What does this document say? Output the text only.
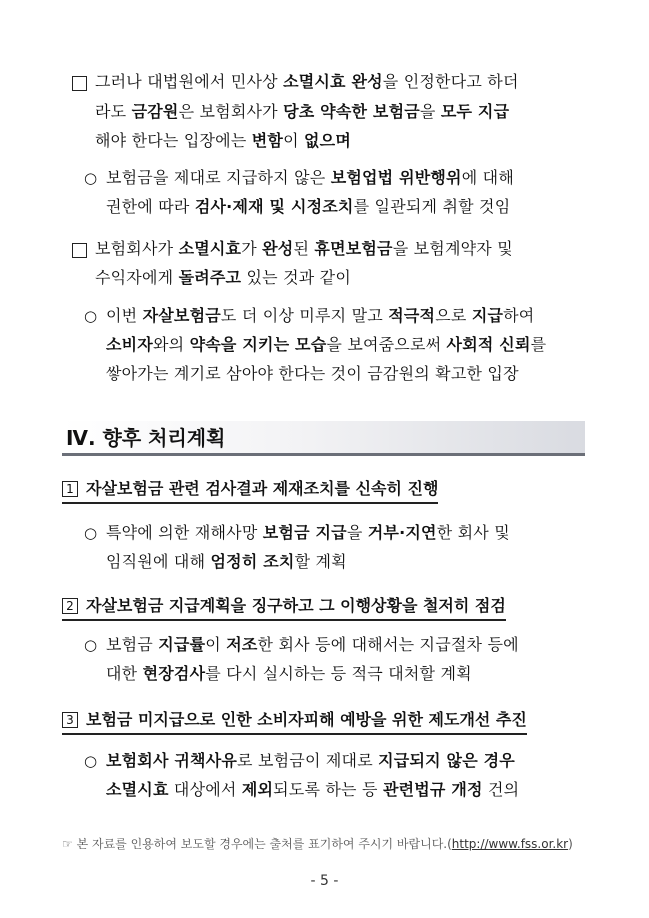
그러나 대법원에서 민사상 소멸시효 완성을 인정한다고 하더
라도 금감원은 보험회사가 당초 약속한 보험금을 모두 지급
해야 한다는 입장에는 변함이 없으며
○ 보험금을 제대로 지급하지 않은 보험업법 위반행위에 대해
권한에 따라 검사·제재 및 시정조치를 일관되게 취할 것임
보험회사가 소멸시효가 완성된 휴면보험금을 보험계약자 및
수익자에게 돌려주고 있는 것과 같이
○ 이번 자살보험금도 더 이상 미루지 말고 적극적으로 지급하여
소비자와의 약속을 지키는 모습을 보여줌으로써 사회적 신뢰를
쌓아가는 계기로 삼아야 한다는 것이 금감원의 확고한 입장
Ⅳ. 향후 처리계획
1 자살보험금 관련 검사결과 제재조치를 신속히 진행
○ 특약에 의한 재해사망 보험금 지급을 거부·지연한 회사 및
임직원에 대해 엄정히 조치할 계획
2 자살보험금 지급계획을 징구하고 그 이행상황을 철저히 점검
○ 보험금 지급률이 저조한 회사 등에 대해서는 지급절차 등에
대한 현장검사를 다시 실시하는 등 적극 대처할 계획
3 보험금 미지급으로 인한 소비자피해 예방을 위한 제도개선 추진
○ 보험회사 귀책사유로 보험금이 제대로 지급되지 않은 경우
소멸시효 대상에서 제외되도록 하는 등 관련법규 개정 건의
☞ 본 자료를 인용하여 보도할 경우에는 출처를 표기하여 주시기 바랍니다.(http://www.fss.or.kr)
- 5 -
